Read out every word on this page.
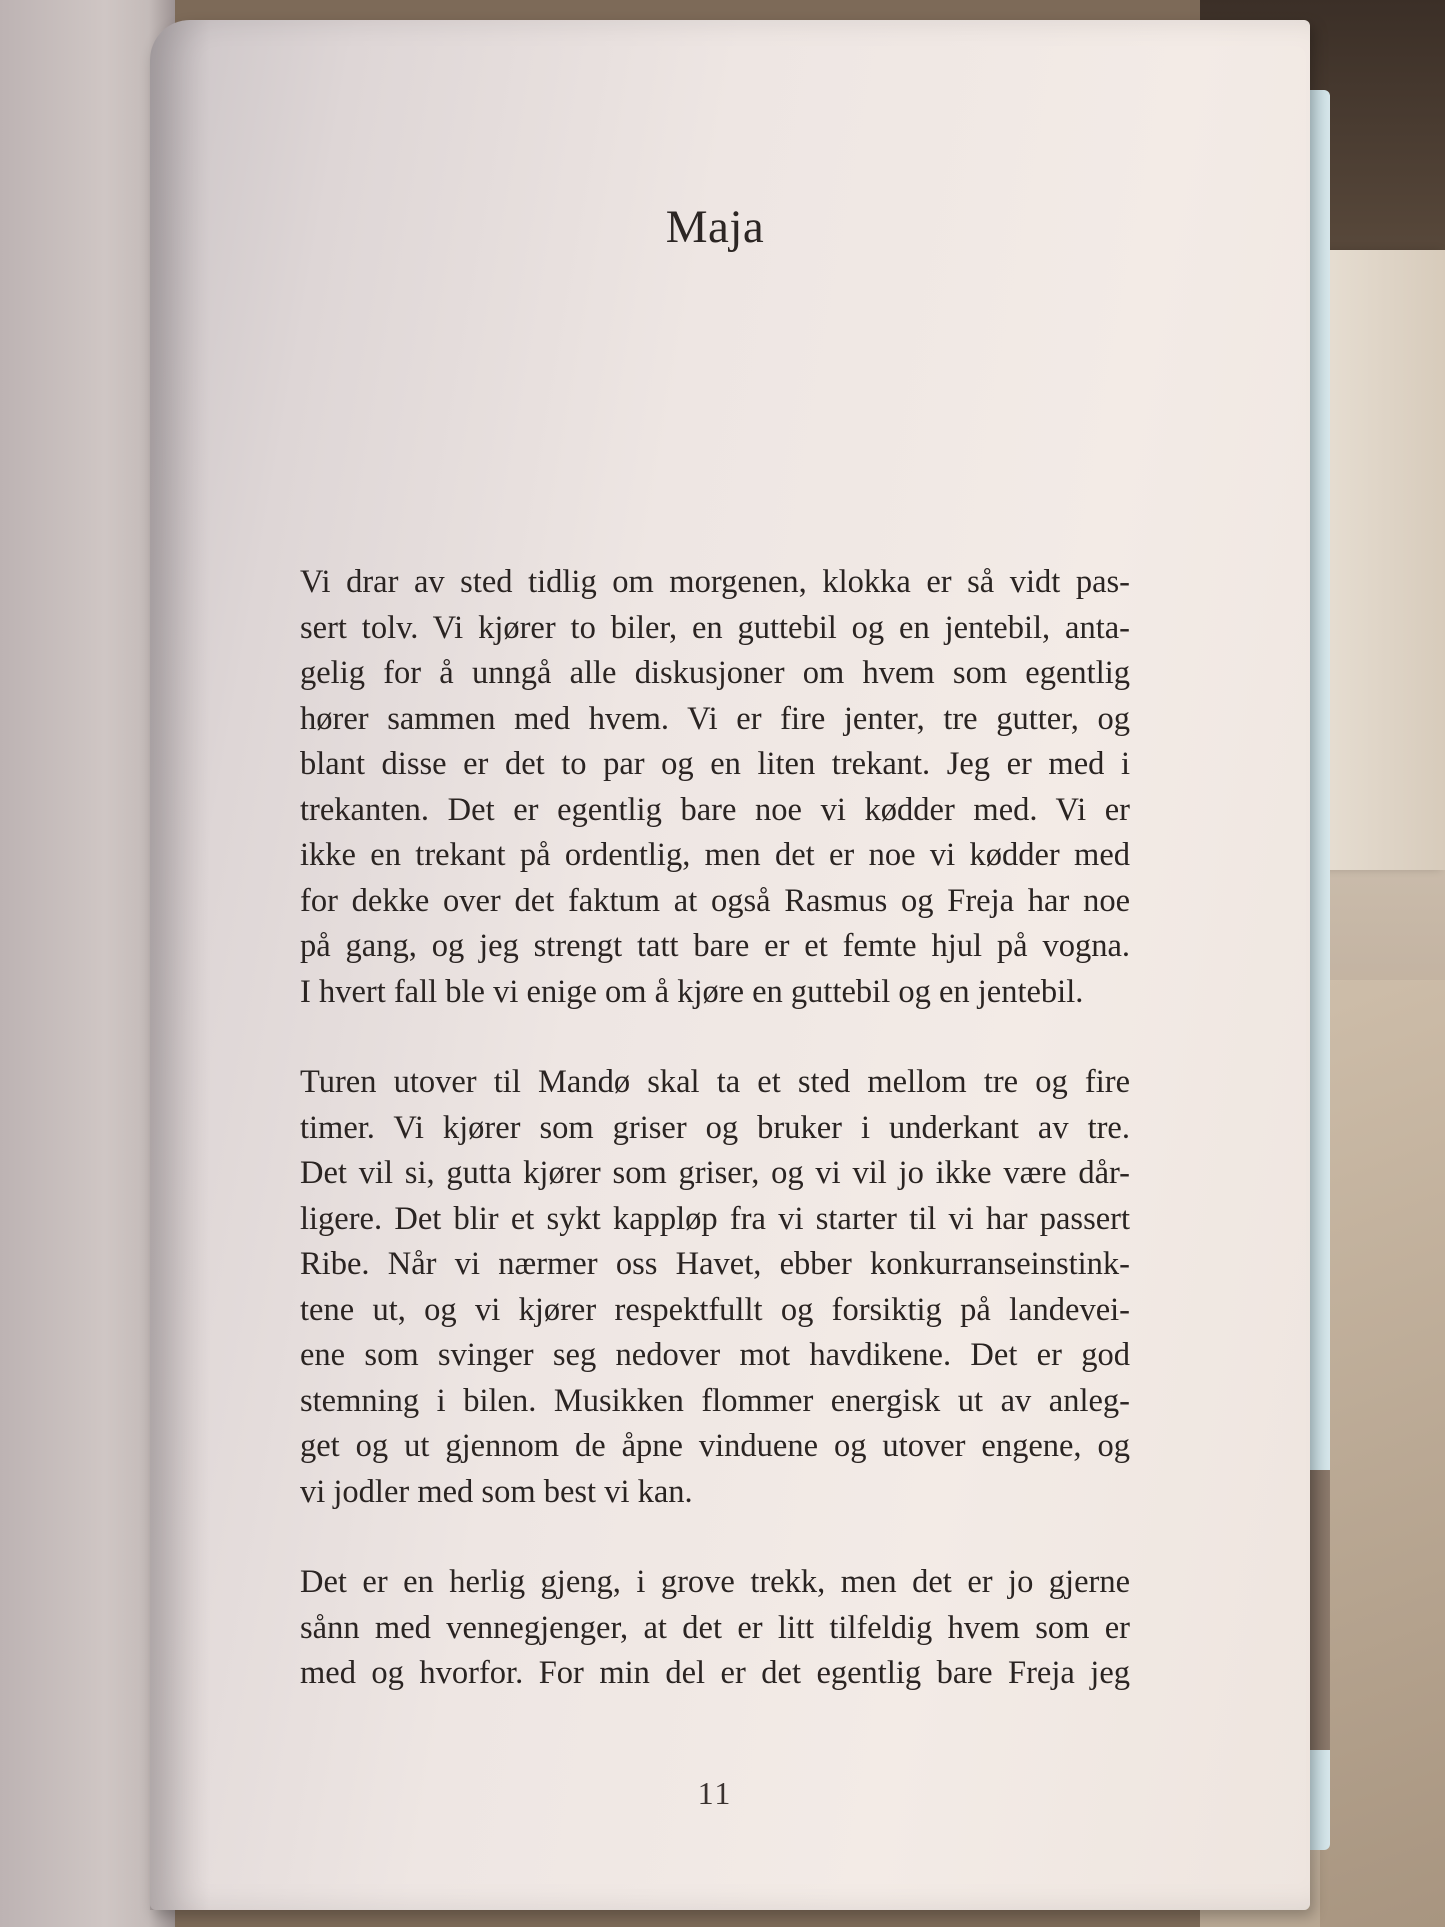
Maja

Vi drar av sted tidlig om morgenen, klokka er så vidt pas-
sert tolv. Vi kjører to biler, en guttebil og en jentebil, anta-
gelig for å unngå alle diskusjoner om hvem som egentlig
hører sammen med hvem. Vi er fire jenter, tre gutter, og
blant disse er det to par og en liten trekant. Jeg er med i
trekanten. Det er egentlig bare noe vi kødder med. Vi er
ikke en trekant på ordentlig, men det er noe vi kødder med
for dekke over det faktum at også Rasmus og Freja har noe
på gang, og jeg strengt tatt bare er et femte hjul på vogna.
I hvert fall ble vi enige om å kjøre en guttebil og en jentebil.

Turen utover til Mandø skal ta et sted mellom tre og fire
timer. Vi kjører som griser og bruker i underkant av tre.
Det vil si, gutta kjører som griser, og vi vil jo ikke være dår-
ligere. Det blir et sykt kappløp fra vi starter til vi har passert
Ribe. Når vi nærmer oss Havet, ebber konkurranseinstink-
tene ut, og vi kjører respektfullt og forsiktig på landevei-
ene som svinger seg nedover mot havdikene. Det er god
stemning i bilen. Musikken flommer energisk ut av anleg-
get og ut gjennom de åpne vinduene og utover engene, og
vi jodler med som best vi kan.

Det er en herlig gjeng, i grove trekk, men det er jo gjerne
sånn med vennegjenger, at det er litt tilfeldig hvem som er
med og hvorfor. For min del er det egentlig bare Freja jeg

11
